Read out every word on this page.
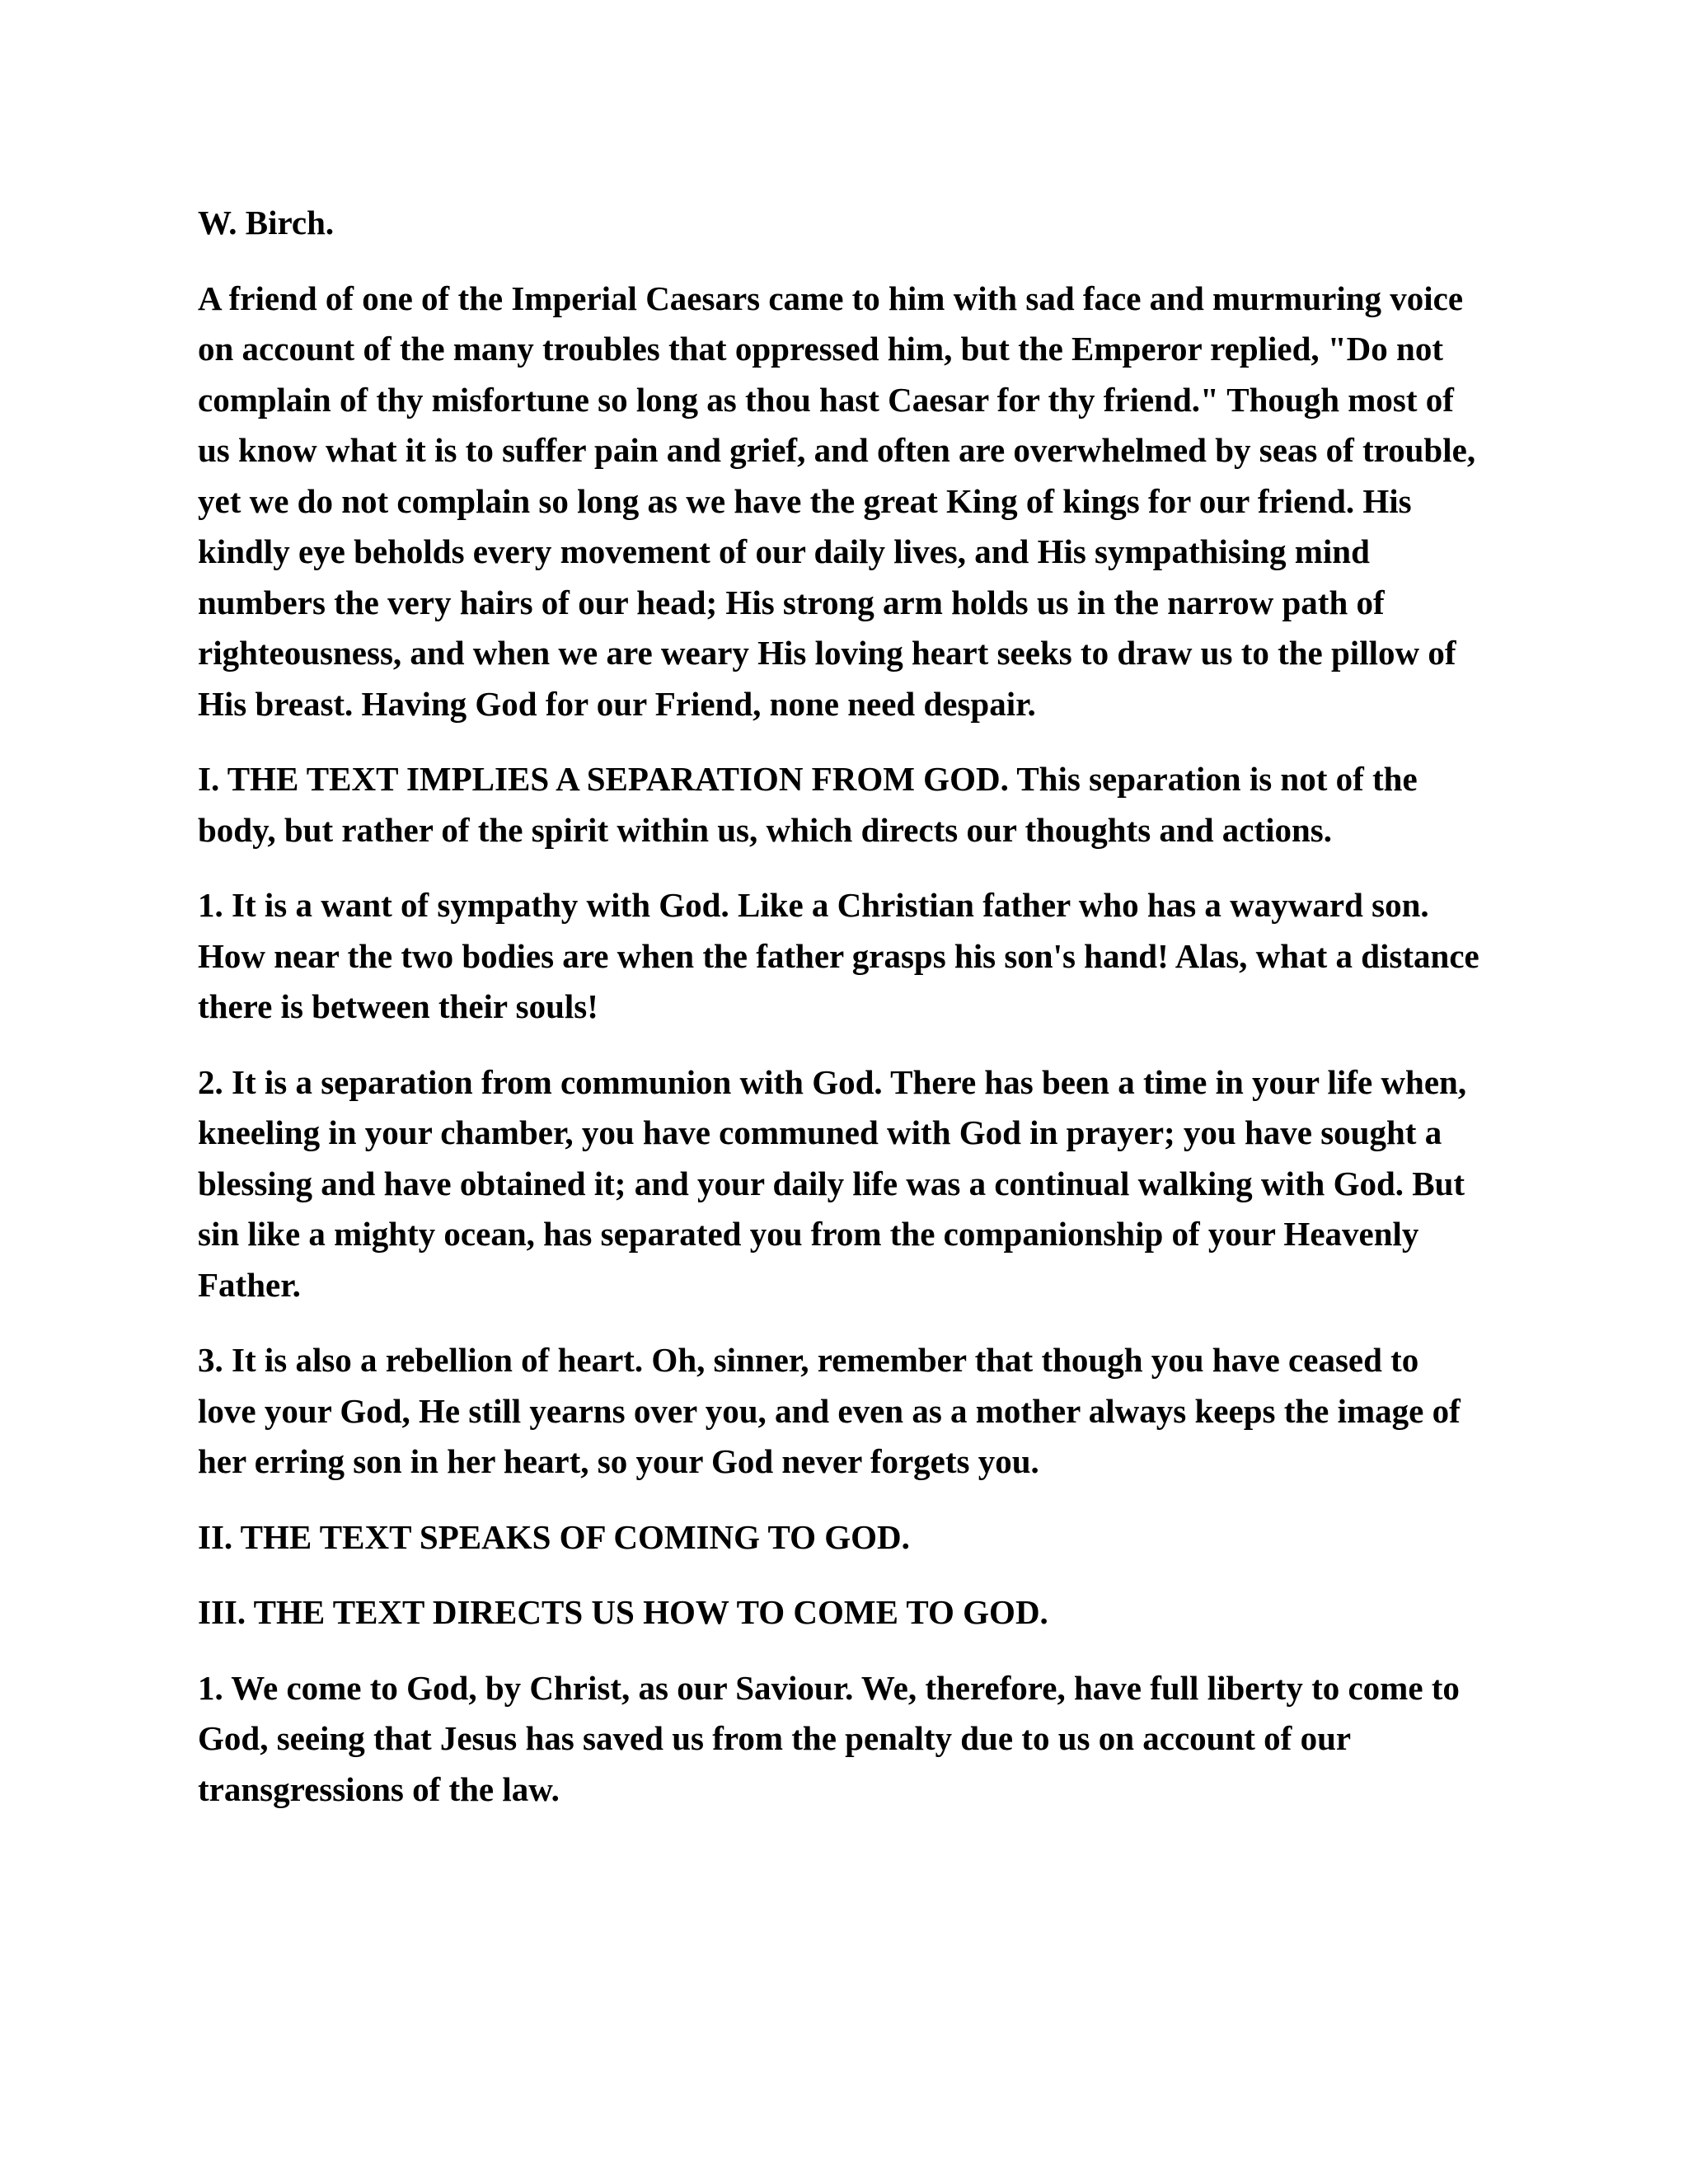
W. Birch.

A friend of one of the Imperial Caesars came to him with sad face and murmuring voice on account of the many troubles that oppressed him, but the Emperor replied, "Do not complain of thy misfortune so long as thou hast Caesar for thy friend." Though most of us know what it is to suffer pain and grief, and often are overwhelmed by seas of trouble, yet we do not complain so long as we have the great King of kings for our friend. His kindly eye beholds every movement of our daily lives, and His sympathising mind numbers the very hairs of our head; His strong arm holds us in the narrow path of righteousness, and when we are weary His loving heart seeks to draw us to the pillow of His breast. Having God for our Friend, none need despair.

I. THE TEXT IMPLIES A SEPARATION FROM GOD. This separation is not of the body, but rather of the spirit within us, which directs our thoughts and actions.

1. It is a want of sympathy with God. Like a Christian father who has a wayward son. How near the two bodies are when the father grasps his son's hand! Alas, what a distance there is between their souls!

2. It is a separation from communion with God. There has been a time in your life when, kneeling in your chamber, you have communed with God in prayer; you have sought a blessing and have obtained it; and your daily life was a continual walking with God. But sin like a mighty ocean, has separated you from the companionship of your Heavenly Father.

3. It is also a rebellion of heart. Oh, sinner, remember that though you have ceased to love your God, He still yearns over you, and even as a mother always keeps the image of her erring son in her heart, so your God never forgets you.

II. THE TEXT SPEAKS OF COMING TO GOD.

III. THE TEXT DIRECTS US HOW TO COME TO GOD.

1. We come to God, by Christ, as our Saviour. We, therefore, have full liberty to come to God, seeing that Jesus has saved us from the penalty due to us on account of our transgressions of the law.
